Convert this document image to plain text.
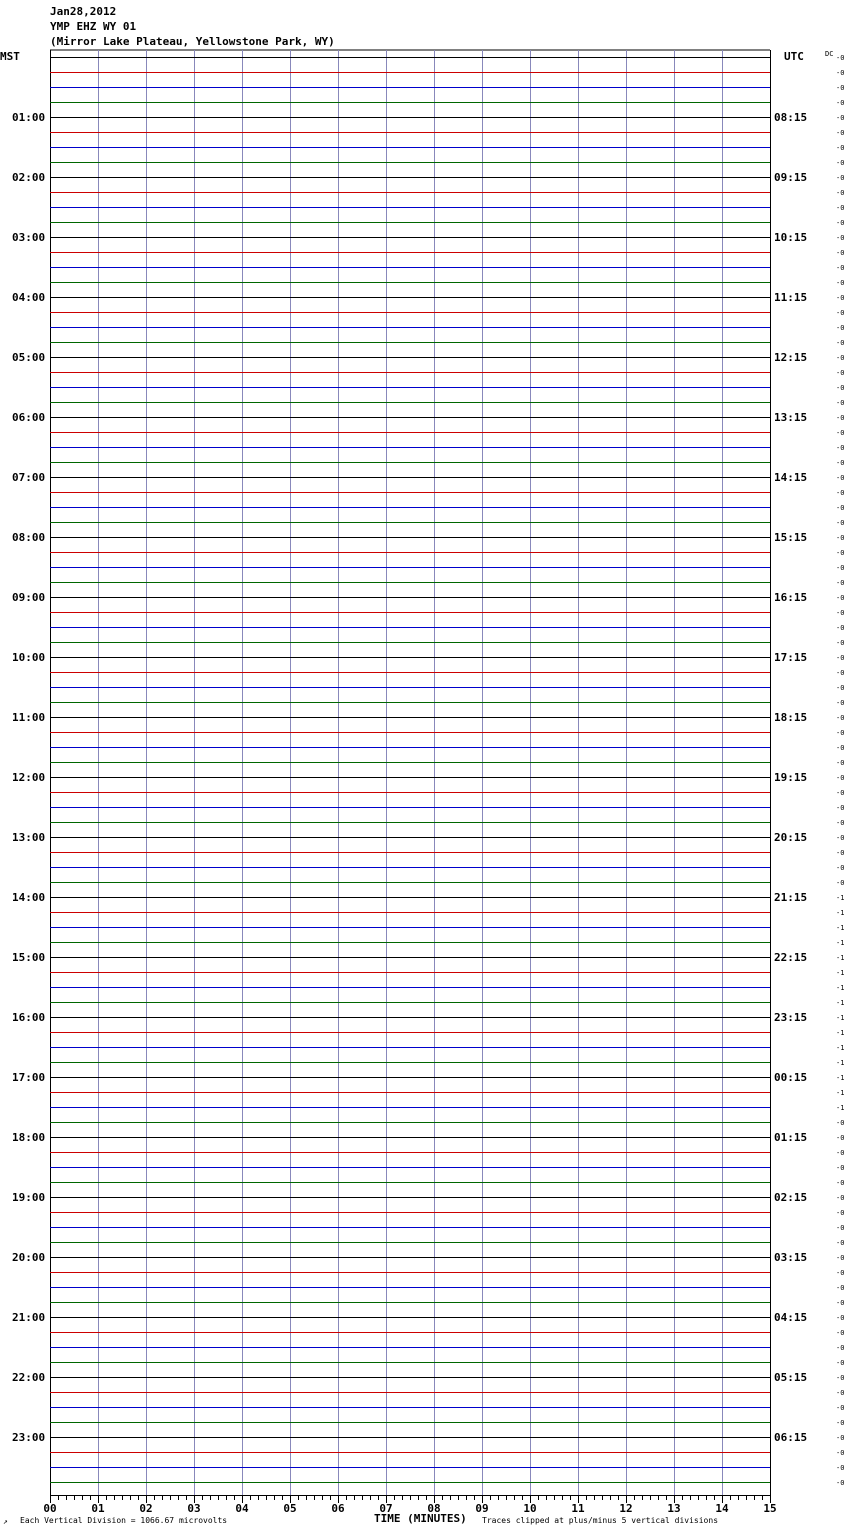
Jan28,2012
YMP EHZ WY 01
(Mirror Lake Plateau, Yellowstone Park, WY)
MST	UTC	DC
01:00
02:00
03:00
04:00
05:00
06:00
07:00
08:00
09:00
10:00
11:00
12:00
13:00
14:00
15:00
16:00
17:00
18:00
19:00
20:00
21:00
22:00
23:00
08:15
09:15
10:15
11:15
12:15
13:15
14:15
15:15
16:15
17:15
18:15
19:15
20:15
21:15
22:15
23:15
00:15
01:15
02:15
03:15
04:15
05:15
06:15
-0
-0
-0
-0
-0
-0
-0
-0
-0
-0
-0
-0
-0
-0
-0
-0
-0
-0
-0
-0
-0
-0
-0
-0
-0
-0
-0
-0
-0
-0
-0
-0
-0
-0
-0
-0
-0
-0
-0
-0
-0
-0
-0
-0
-0
-0
-0
-0
-0
-0
-0
-0
-0
-0
-0
-0
-1
-1
-1
-1
-1
-1
-1
-1
-1
-1
-1
-1
-1
-1
-1
-0
-0
-0
-0
-0
-0
-0
-0
-0
-0
-0
-0
-0
-0
-0
-0
-0
-0
-0
-0
-0
-0
-0
-0
-0
00	01	02	03	04	05	06	07	08	09	10	11	12	13	14	15
↗ Each Vertical Division = 1066.67 microvolts	TIME (MINUTES) Traces clipped at plus/minus 5 vertical divisions
